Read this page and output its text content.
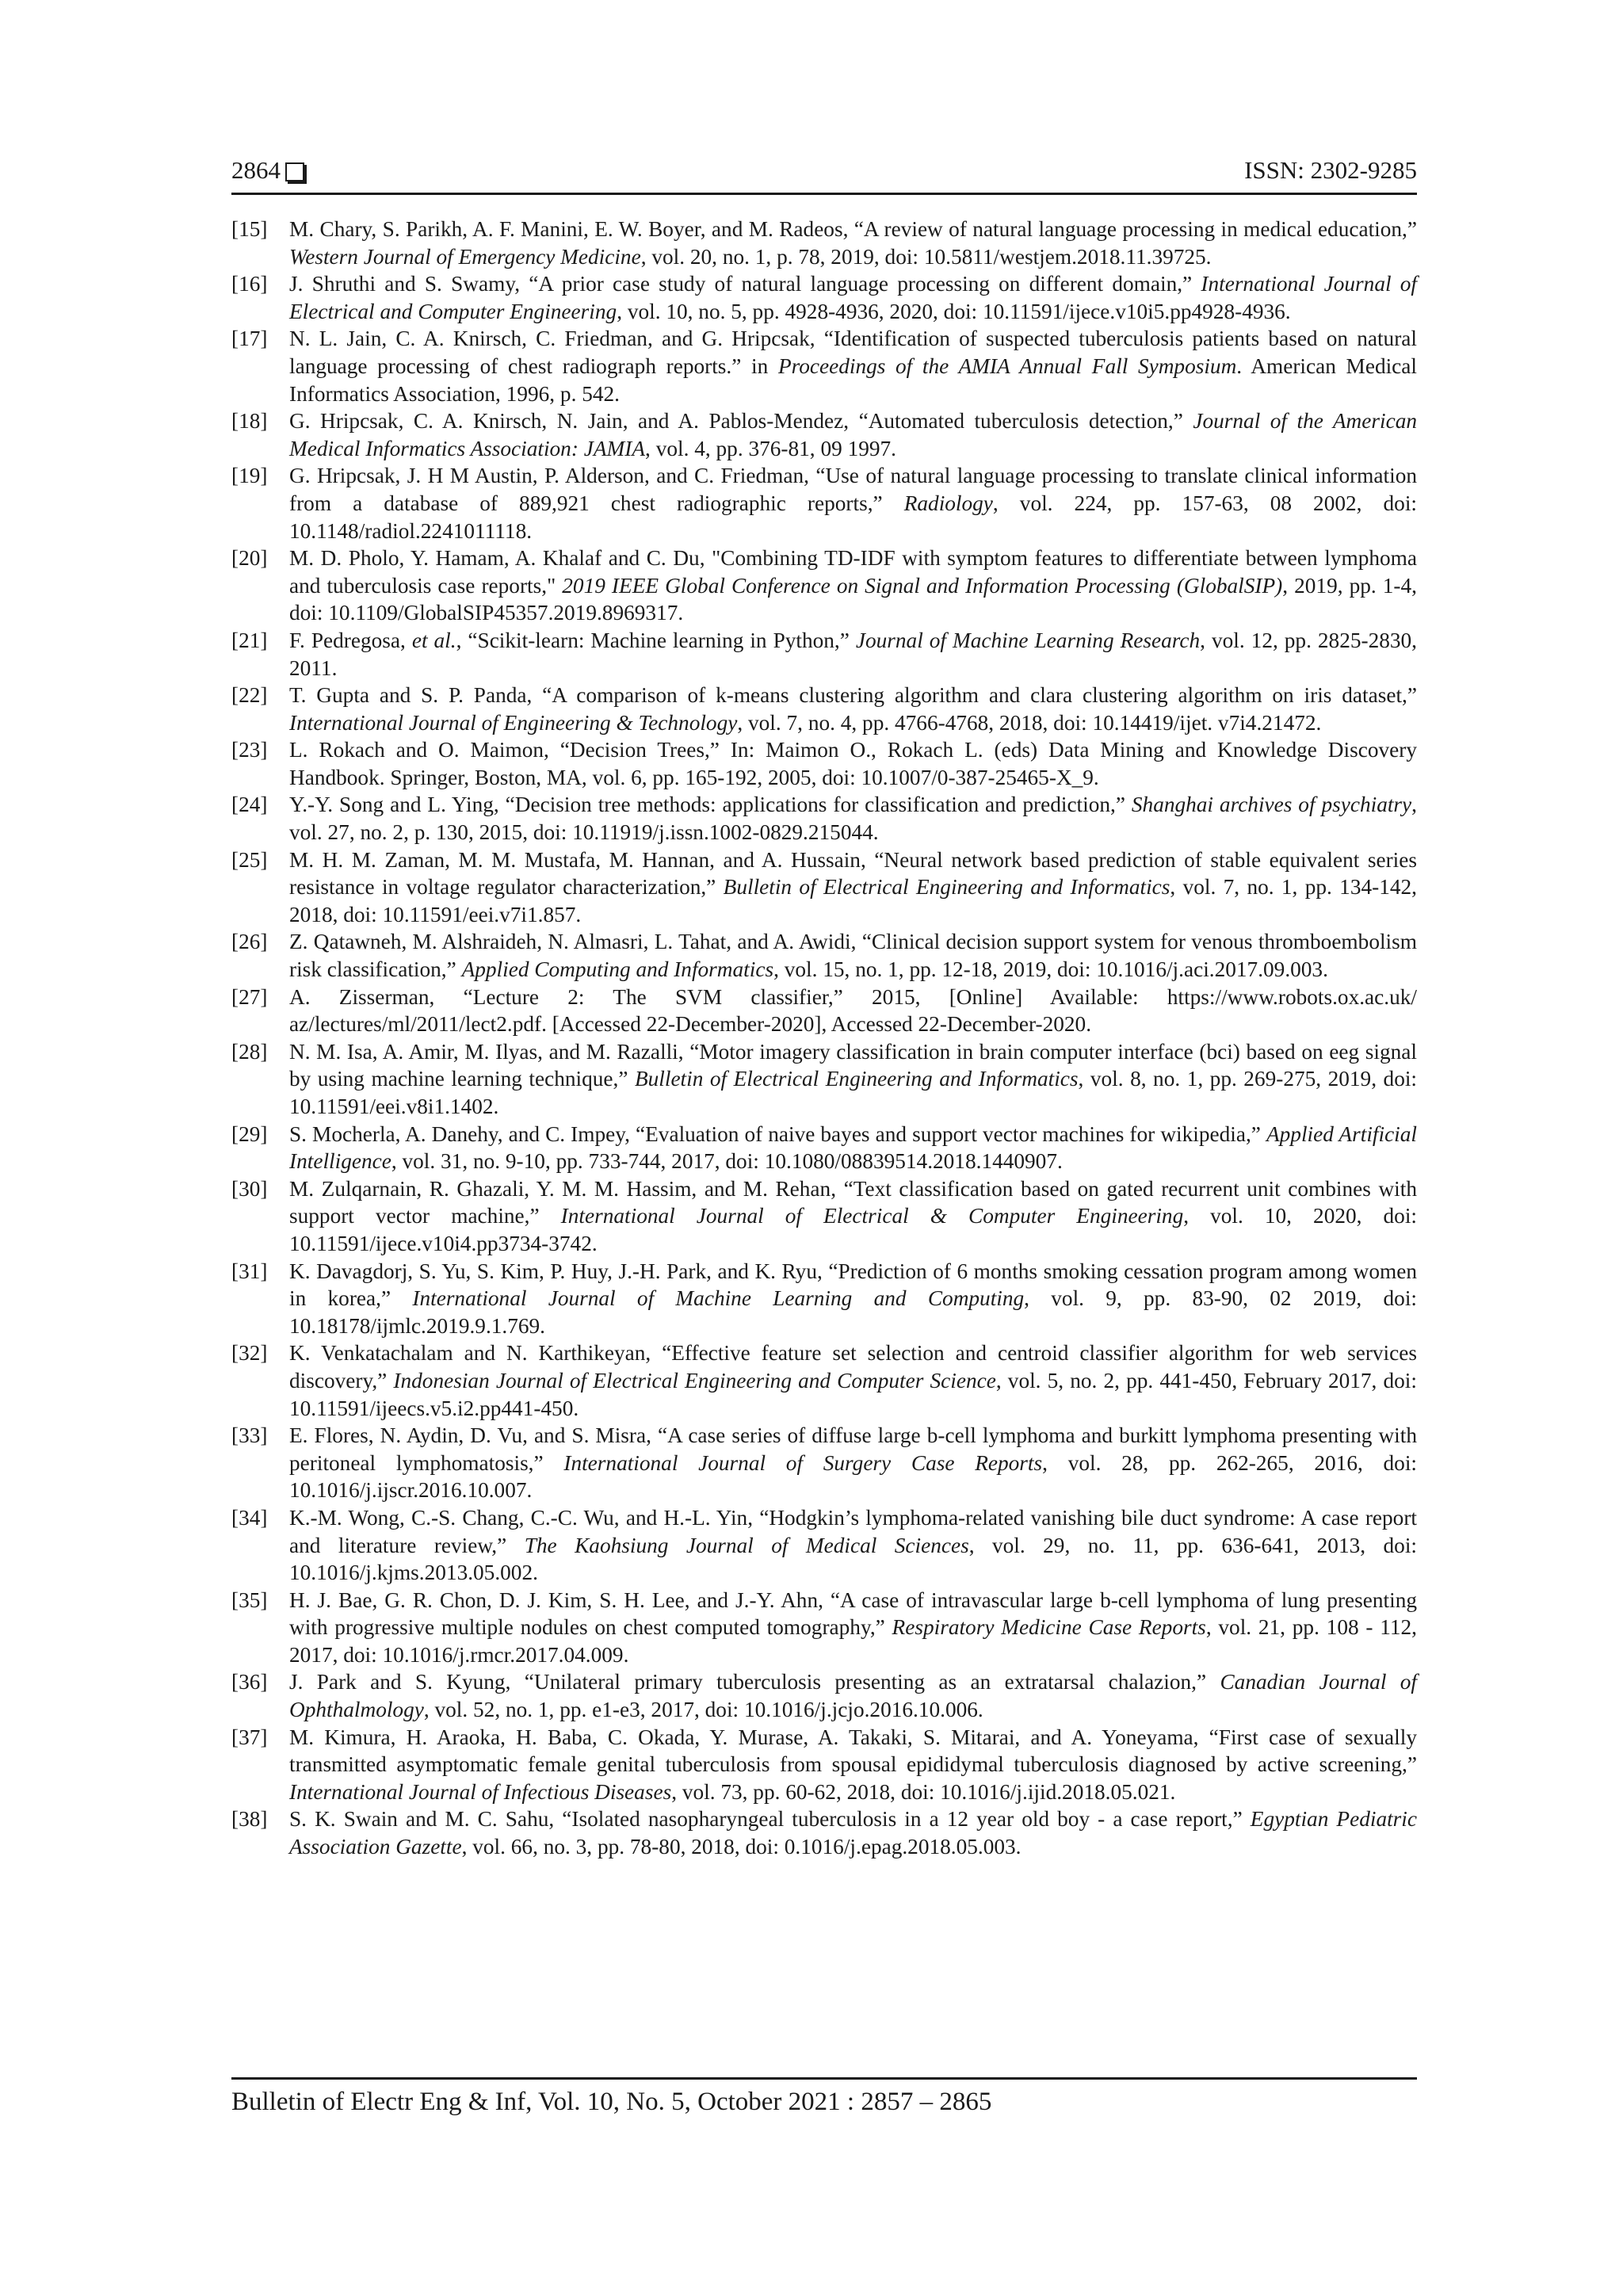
2864	ISSN: 2302-9285
[15]	M. Chary, S. Parikh, A. F. Manini, E. W. Boyer, and M. Radeos, “A review of natural language processing in medical education,” Western Journal of Emergency Medicine, vol. 20, no. 1, p. 78, 2019, doi: 10.5811/westjem.2018.11.39725.
[16]	J. Shruthi and S. Swamy, “A prior case study of natural language processing on different domain,” International Journal of Electrical and Computer Engineering, vol. 10, no. 5, pp. 4928-4936, 2020, doi: 10.11591/ijece.v10i5.pp4928-4936.
[17]	N. L. Jain, C. A. Knirsch, C. Friedman, and G. Hripcsak, “Identification of suspected tuberculosis patients based on natural language processing of chest radiograph reports.” in Proceedings of the AMIA Annual Fall Symposium. American Medical Informatics Association, 1996, p. 542.
[18]	G. Hripcsak, C. A. Knirsch, N. Jain, and A. Pablos-Mendez, “Automated tuberculosis detection,” Journal of the American Medical Informatics Association: JAMIA, vol. 4, pp. 376-81, 09 1997.
[19]	G. Hripcsak, J. H M Austin, P. Alderson, and C. Friedman, “Use of natural language processing to translate clinical information from a database of 889,921 chest radiographic reports,” Radiology, vol. 224, pp. 157-63, 08 2002, doi: 10.1148/radiol.2241011118.
[20]	M. D. Pholo, Y. Hamam, A. Khalaf and C. Du, "Combining TD-IDF with symptom features to differentiate between lymphoma and tuberculosis case reports," 2019 IEEE Global Conference on Signal and Information Processing (GlobalSIP), 2019, pp. 1-4, doi: 10.1109/GlobalSIP45357.2019.8969317.
[21]	F. Pedregosa, et al., “Scikit-learn: Machine learning in Python,” Journal of Machine Learning Research, vol. 12, pp. 2825-2830, 2011.
[22]	T. Gupta and S. P. Panda, “A comparison of k-means clustering algorithm and clara clustering algorithm on iris dataset,” International Journal of Engineering & Technology, vol. 7, no. 4, pp. 4766-4768, 2018, doi: 10.14419/ijet. v7i4.21472.
[23]	L. Rokach and O. Maimon, “Decision Trees,” In: Maimon O., Rokach L. (eds) Data Mining and Knowledge Discovery Handbook. Springer, Boston, MA, vol. 6, pp. 165-192, 2005, doi: 10.1007/0-387-25465-X_9.
[24]	Y.-Y. Song and L. Ying, “Decision tree methods: applications for classification and prediction,” Shanghai archives of psychiatry, vol. 27, no. 2, p. 130, 2015, doi: 10.11919/j.issn.1002-0829.215044.
[25]	M. H. M. Zaman, M. M. Mustafa, M. Hannan, and A. Hussain, “Neural network based prediction of stable equivalent series resistance in voltage regulator characterization,” Bulletin of Electrical Engineering and Informatics, vol. 7, no. 1, pp. 134-142, 2018, doi: 10.11591/eei.v7i1.857.
[26]	Z. Qatawneh, M. Alshraideh, N. Almasri, L. Tahat, and A. Awidi, “Clinical decision support system for venous thromboembolism risk classification,” Applied Computing and Informatics, vol. 15, no. 1, pp. 12-18, 2019, doi: 10.1016/j.aci.2017.09.003.
[27]	A. Zisserman, “Lecture 2: The SVM classifier,” 2015, [Online] Available: https://www.robots.ox.ac.uk/ az/lectures/ml/2011/lect2.pdf. [Accessed 22-December-2020], Accessed 22-December-2020.
[28]	N. M. Isa, A. Amir, M. Ilyas, and M. Razalli, “Motor imagery classification in brain computer interface (bci) based on eeg signal by using machine learning technique,” Bulletin of Electrical Engineering and Informatics, vol. 8, no. 1, pp. 269-275, 2019, doi: 10.11591/eei.v8i1.1402.
[29]	S. Mocherla, A. Danehy, and C. Impey, “Evaluation of naive bayes and support vector machines for wikipedia,” Applied Artificial Intelligence, vol. 31, no. 9-10, pp. 733-744, 2017, doi: 10.1080/08839514.2018.1440907.
[30]	M. Zulqarnain, R. Ghazali, Y. M. M. Hassim, and M. Rehan, “Text classification based on gated recurrent unit combines with support vector machine,” International Journal of Electrical & Computer Engineering, vol. 10, 2020, doi: 10.11591/ijece.v10i4.pp3734-3742.
[31]	K. Davagdorj, S. Yu, S. Kim, P. Huy, J.-H. Park, and K. Ryu, “Prediction of 6 months smoking cessation program among women in korea,” International Journal of Machine Learning and Computing, vol. 9, pp. 83-90, 02 2019, doi: 10.18178/ijmlc.2019.9.1.769.
[32]	K. Venkatachalam and N. Karthikeyan, “Effective feature set selection and centroid classifier algorithm for web services discovery,” Indonesian Journal of Electrical Engineering and Computer Science, vol. 5, no. 2, pp. 441-450, February 2017, doi: 10.11591/ijeecs.v5.i2.pp441-450.
[33]	E. Flores, N. Aydin, D. Vu, and S. Misra, “A case series of diffuse large b-cell lymphoma and burkitt lymphoma presenting with peritoneal lymphomatosis,” International Journal of Surgery Case Reports, vol. 28, pp. 262-265, 2016, doi: 10.1016/j.ijscr.2016.10.007.
[34]	K.-M. Wong, C.-S. Chang, C.-C. Wu, and H.-L. Yin, “Hodgkin’s lymphoma-related vanishing bile duct syndrome: A case report and literature review,” The Kaohsiung Journal of Medical Sciences, vol. 29, no. 11, pp. 636-641, 2013, doi: 10.1016/j.kjms.2013.05.002.
[35]	H. J. Bae, G. R. Chon, D. J. Kim, S. H. Lee, and J.-Y. Ahn, “A case of intravascular large b-cell lymphoma of lung presenting with progressive multiple nodules on chest computed tomography,” Respiratory Medicine Case Reports, vol. 21, pp. 108 - 112, 2017, doi: 10.1016/j.rmcr.2017.04.009.
[36]	J. Park and S. Kyung, “Unilateral primary tuberculosis presenting as an extratarsal chalazion,” Canadian Journal of Ophthalmology, vol. 52, no. 1, pp. e1-e3, 2017, doi: 10.1016/j.jcjo.2016.10.006.
[37]	M. Kimura, H. Araoka, H. Baba, C. Okada, Y. Murase, A. Takaki, S. Mitarai, and A. Yoneyama, “First case of sexually transmitted asymptomatic female genital tuberculosis from spousal epididymal tuberculosis diagnosed by active screening,” International Journal of Infectious Diseases, vol. 73, pp. 60-62, 2018, doi: 10.1016/j.ijid.2018.05.021.
[38]	S. K. Swain and M. C. Sahu, “Isolated nasopharyngeal tuberculosis in a 12 year old boy - a case report,” Egyptian Pediatric Association Gazette, vol. 66, no. 3, pp. 78-80, 2018, doi: 0.1016/j.epag.2018.05.003.
Bulletin of Electr Eng & Inf, Vol. 10, No. 5, October 2021 : 2857 – 2865
